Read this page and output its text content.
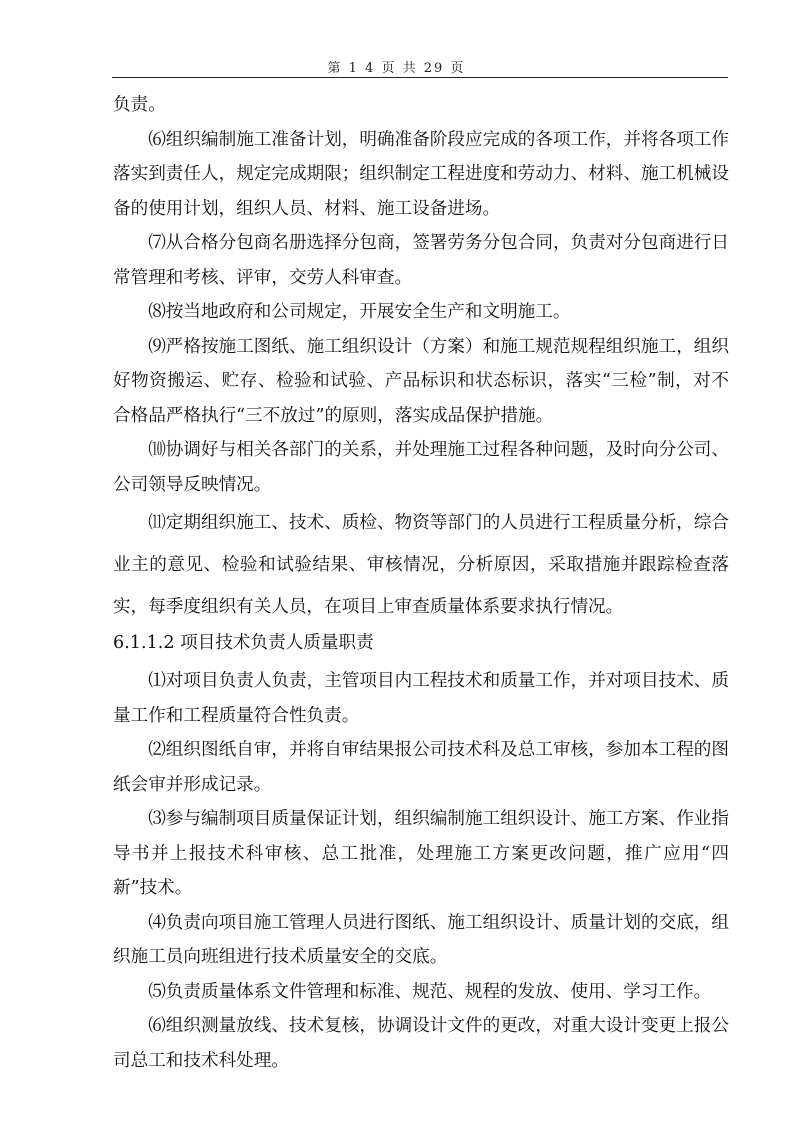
第 1 4 页 共 29 页

负责。

⑹组织编制施工准备计划，明确准备阶段应完成的各项工作，并将各项工作落实到责任人，规定完成期限；组织制定工程进度和劳动力、材料、施工机械设备的使用计划，组织人员、材料、施工设备进场。

⑺从合格分包商名册选择分包商，签署劳务分包合同，负责对分包商进行日常管理和考核、评审，交劳人科审查。

⑻按当地政府和公司规定，开展安全生产和文明施工。

⑼严格按施工图纸、施工组织设计（方案）和施工规范规程组织施工，组织好物资搬运、贮存、检验和试验、产品标识和状态标识，落实“三检”制，对不合格品严格执行“三不放过”的原则，落实成品保护措施。

⑽协调好与相关各部门的关系，并处理施工过程各种问题，及时向分公司、公司领导反映情况。

⑾定期组织施工、技术、质检、物资等部门的人员进行工程质量分析，综合业主的意见、检验和试验结果、审核情况，分析原因，采取措施并跟踪检查落实，每季度组织有关人员，在项目上审查质量体系要求执行情况。

6.1.1.2 项目技术负责人质量职责

⑴对项目负责人负责，主管项目内工程技术和质量工作，并对项目技术、质量工作和工程质量符合性负责。

⑵组织图纸自审，并将自审结果报公司技术科及总工审核，参加本工程的图纸会审并形成记录。

⑶参与编制项目质量保证计划，组织编制施工组织设计、施工方案、作业指导书并上报技术科审核、总工批准，处理施工方案更改问题，推广应用“四新”技术。

⑷负责向项目施工管理人员进行图纸、施工组织设计、质量计划的交底，组织施工员向班组进行技术质量安全的交底。

⑸负责质量体系文件管理和标准、规范、规程的发放、使用、学习工作。

⑹组织测量放线、技术复核，协调设计文件的更改，对重大设计变更上报公司总工和技术科处理。
